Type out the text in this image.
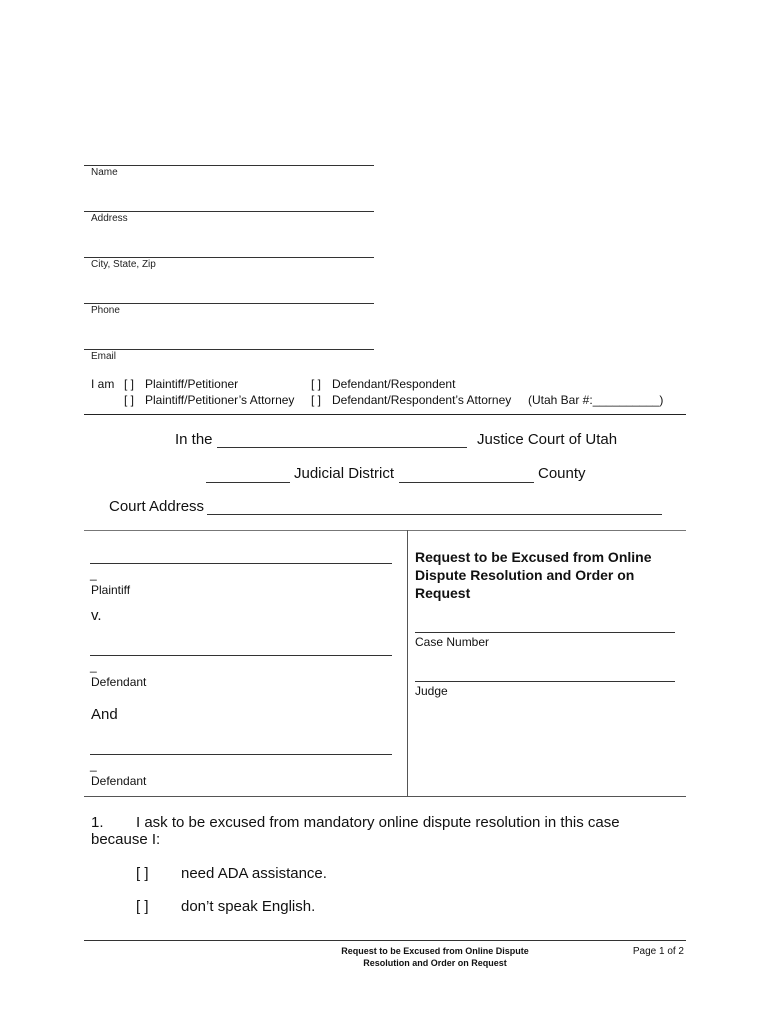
Name
Address
City, State, Zip
Phone
Email
I am [ ] Plaintiff/Petitioner	[ ] Defendant/Respondent
[ ] Plaintiff/Petitioner’s Attorney [ ] Defendant/Respondent’s Attorney (Utah Bar #:__________)
In the	Justice Court of Utah
Judicial District	County
Court Address
_
Plaintiff
v.
_
Defendant
And
_
Defendant
Request to be Excused from Online Dispute Resolution and Order on Request
Case Number
Judge
1. I ask to be excused from mandatory online dispute resolution in this case
because I:
[ ] need ADA assistance.
[ ] don’t speak English.
Request to be Excused from Online Dispute
Resolution and Order on Request
Page 1 of 2
